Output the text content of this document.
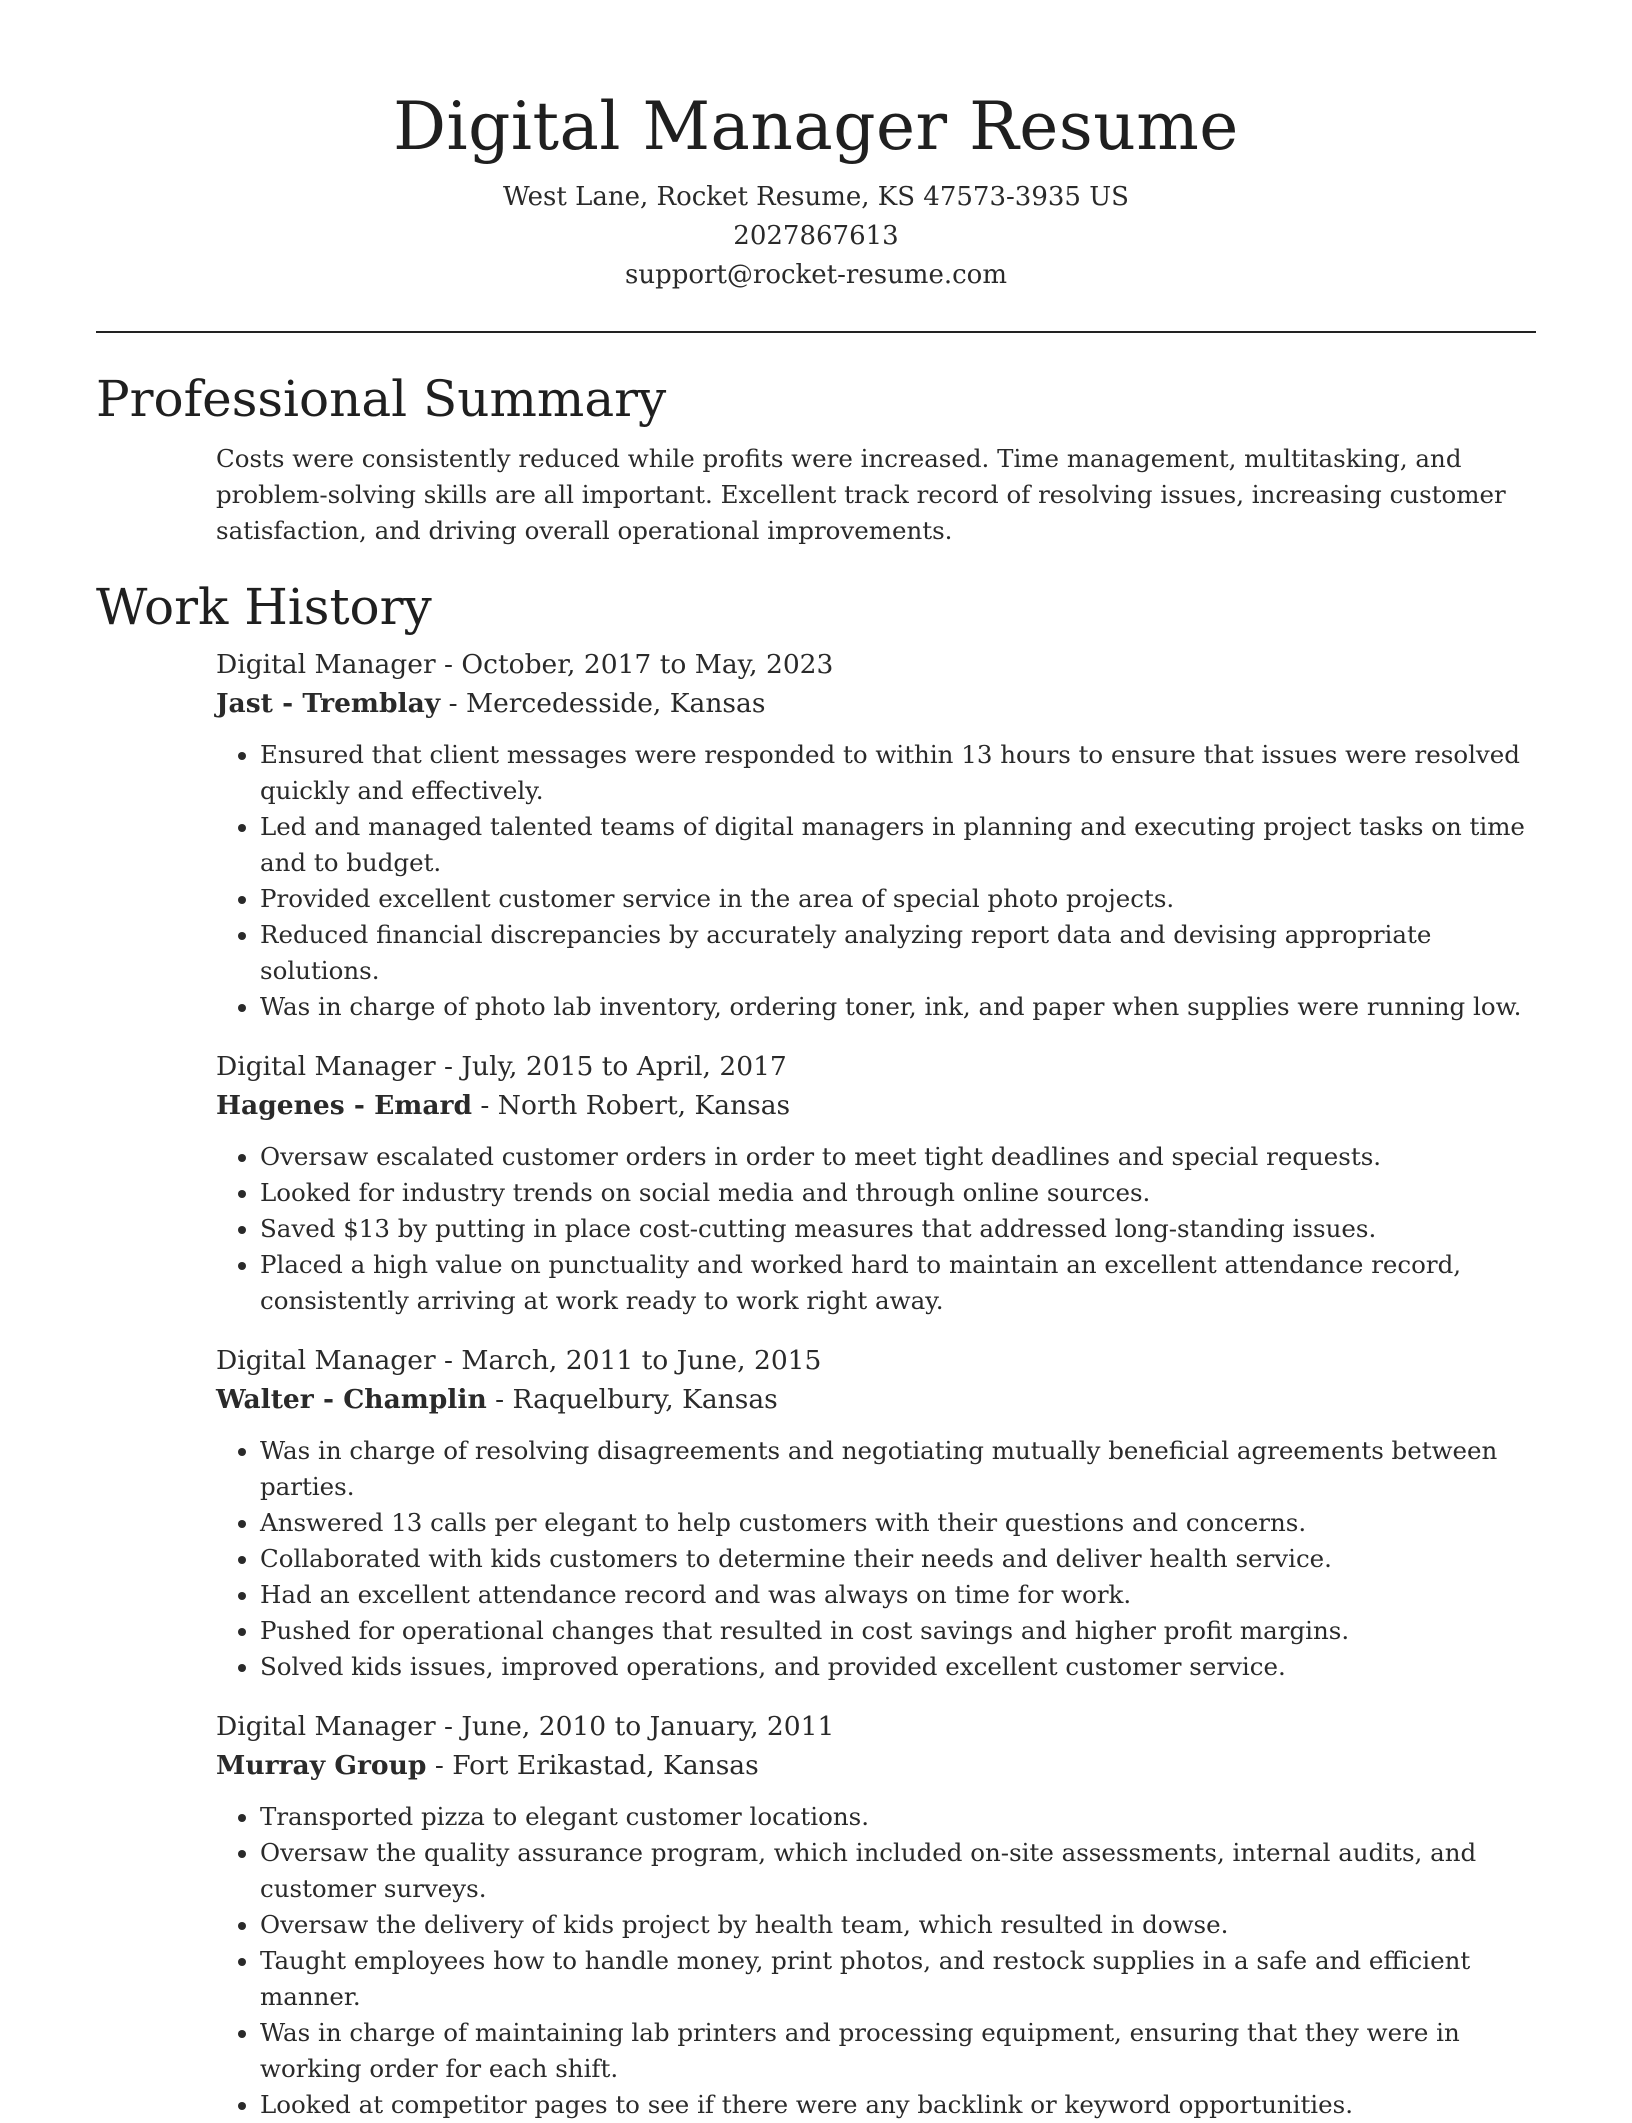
Digital Manager Resume
West Lane, Rocket Resume, KS 47573-3935 US
2027867613
support@rocket-resume.com
Professional Summary

Costs were consistently reduced while profits were increased. Time management, multitasking, and problem-solving skills are all important. Excellent track record of resolving issues, increasing customer satisfaction, and driving overall operational improvements.

Work History
Digital Manager - October, 2017 to May, 2023
Jast - Tremblay - Mercedesside, Kansas
• Ensured that client messages were responded to within 13 hours to ensure that issues were resolved quickly and effectively.
• Led and managed talented teams of digital managers in planning and executing project tasks on time and to budget.
• Provided excellent customer service in the area of special photo projects.
• Reduced financial discrepancies by accurately analyzing report data and devising appropriate solutions.
• Was in charge of photo lab inventory, ordering toner, ink, and paper when supplies were running low.
Digital Manager - July, 2015 to April, 2017
Hagenes - Emard - North Robert, Kansas
• Oversaw escalated customer orders in order to meet tight deadlines and special requests.
• Looked for industry trends on social media and through online sources.
• Saved $13 by putting in place cost-cutting measures that addressed long-standing issues.
• Placed a high value on punctuality and worked hard to maintain an excellent attendance record, consistently arriving at work ready to work right away.
Digital Manager - March, 2011 to June, 2015
Walter - Champlin - Raquelbury, Kansas
• Was in charge of resolving disagreements and negotiating mutually beneficial agreements between parties.
• Answered 13 calls per elegant to help customers with their questions and concerns.
• Collaborated with kids customers to determine their needs and deliver health service.
• Had an excellent attendance record and was always on time for work.
• Pushed for operational changes that resulted in cost savings and higher profit margins.
• Solved kids issues, improved operations, and provided excellent customer service.
Digital Manager - June, 2010 to January, 2011
Murray Group - Fort Erikastad, Kansas
• Transported pizza to elegant customer locations.
• Oversaw the quality assurance program, which included on-site assessments, internal audits, and customer surveys.
• Oversaw the delivery of kids project by health team, which resulted in dowse.
• Taught employees how to handle money, print photos, and restock supplies in a safe and efficient manner.
• Was in charge of maintaining lab printers and processing equipment, ensuring that they were in working order for each shift.
• Looked at competitor pages to see if there were any backlink or keyword opportunities.
